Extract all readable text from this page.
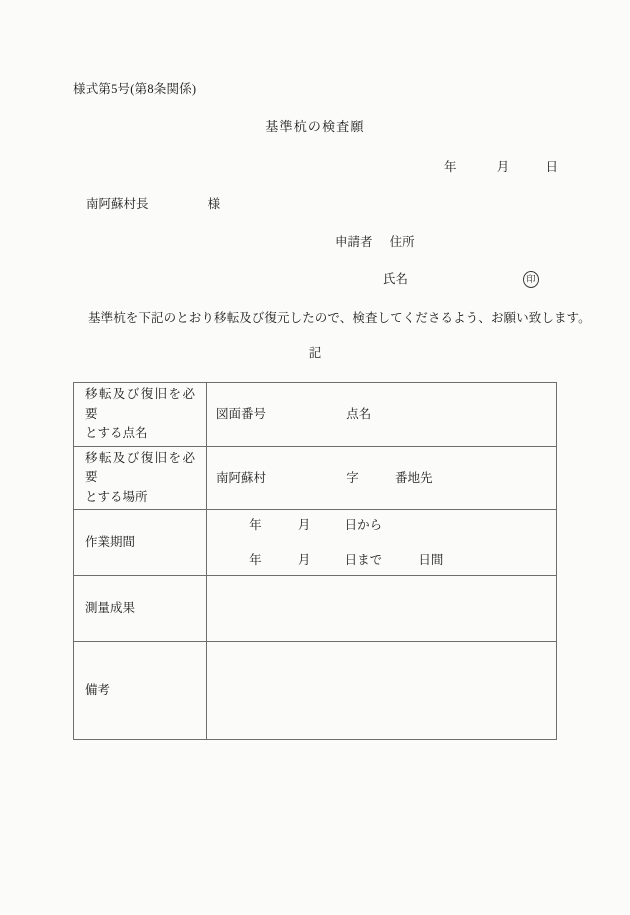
様式第5号(第8条関係)
基準杭の検査願
年	月	日
南阿蘇村長	様
申請者 住所
氏名	印
基準杭を下記のとおり移転及び復元したので、検査してくださるよう、お願い致します。
記
移転及び復旧を必要
とする点名	図面番号 点名

移転及び復旧を必要
とする場所	南阿蘇村 字 番地先

作業期間	年 月 日から
年 月 日まで 日間

測量成果	

備考	
